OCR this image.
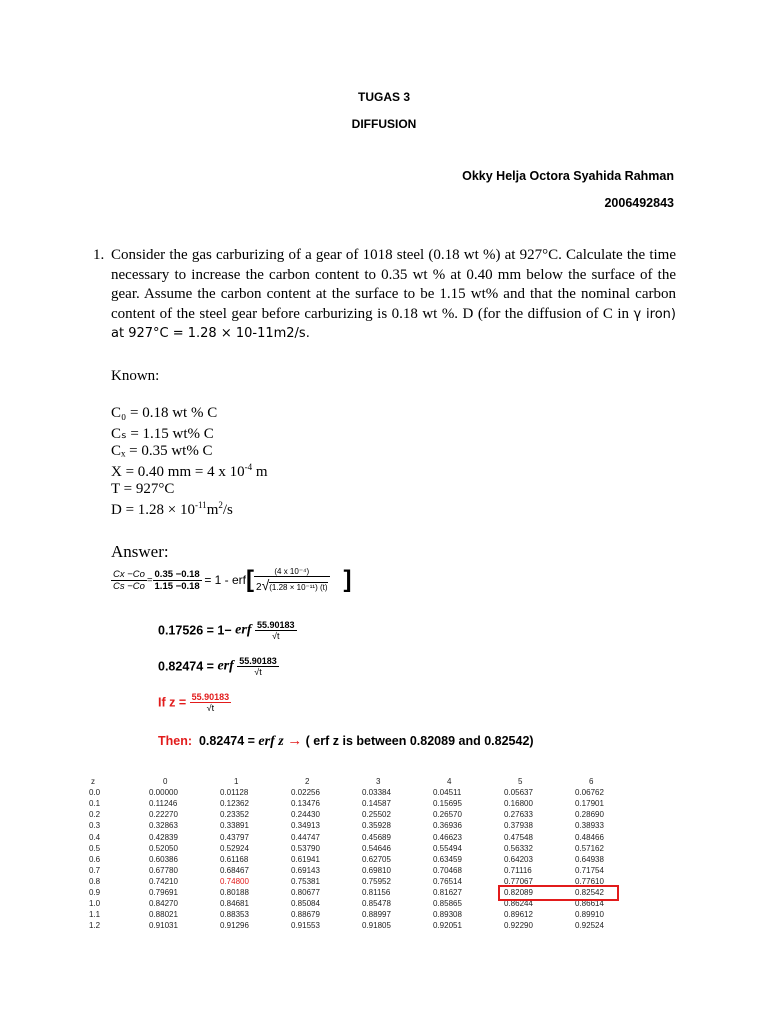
TUGAS 3
DIFFUSION
Okky Helja Octora Syahida Rahman
2006492843
1. Consider the gas carburizing of a gear of 1018 steel (0.18 wt %) at 927°C. Calculate the time necessary to increase the carbon content to 0.35 wt % at 0.40 mm below the surface of the gear. Assume the carbon content at the surface to be 1.15 wt% and that the nominal carbon content of the steel gear before carburizing is 0.18 wt %. D (for the diffusion of C in γ iron) at 927°C = 1.28 × 10-11m2/s.
Known:
C₀ = 0.18 wt % C
Cₛ = 1.15 wt% C
Cₓ = 0.35 wt% C
X = 0.40 mm = 4 x $10^{-4}$ m
T = 927°C
$D = 1.28 \times 10^{-11}m^2/s$
Answer:
$\frac{Cx -Co}{Cs -Co} = \frac{0.35 -0.18}{1.15 -0.18} = 1 - erf[ \frac{\text{(4 x 10⁻⁴)}}{\text{2√(1.28 × 10⁻¹¹) (t)}}$ ]
0.17526 = 1− erf $\frac{55.90183}{√t}$
0.82474 = erf $\frac{55.90183}{√t}$
If $z = \frac{55.90183}{√t}$
Then: 0.82474 = erf z → ( erf z is between 0.82089 and 0.82542)
z	0	1	2	3	4	5	6
0.0	0.00000	0.01128	0.02256	0.03384	0.04511	0.05637	0.06762
0.1	0.11246	0.12362	0.13476	0.14587	0.15695	0.16800	0.17901
0.2	0.22270	0.23352	0.24430	0.25502	0.26570	0.27633	0.28690
0.3	0.32863	0.33891	0.34913	0.35928	0.36936	0.37938	0.38933
0.4	0.42839	0.43797	0.44747	0.45689	0.46623	0.47548	0.48466
0.5	0.52050	0.52924	0.53790	0.54646	0.55494	0.56332	0.57162
0.6	0.60386	0.61168	0.61941	0.62705	0.63459	0.64203	0.64938
0.7	0.67780	0.68467	0.69143	0.69810	0.70468	0.71116	0.71754
0.8	0.74210	0.74800	0.75381	0.75952	0.76514	0.77067	0.77610
0.9	0.79691	0.80188	0.80677	0.81156	0.81627	0.82089	0.82542
1.0	0.84270	0.84681	0.85084	0.85478	0.85865	0.86244	0.86614
1.1	0.88021	0.88353	0.88679	0.88997	0.89308	0.89612	0.89910
1.2	0.91031	0.91296	0.91553	0.91805	0.92051	0.92290	0.92524
